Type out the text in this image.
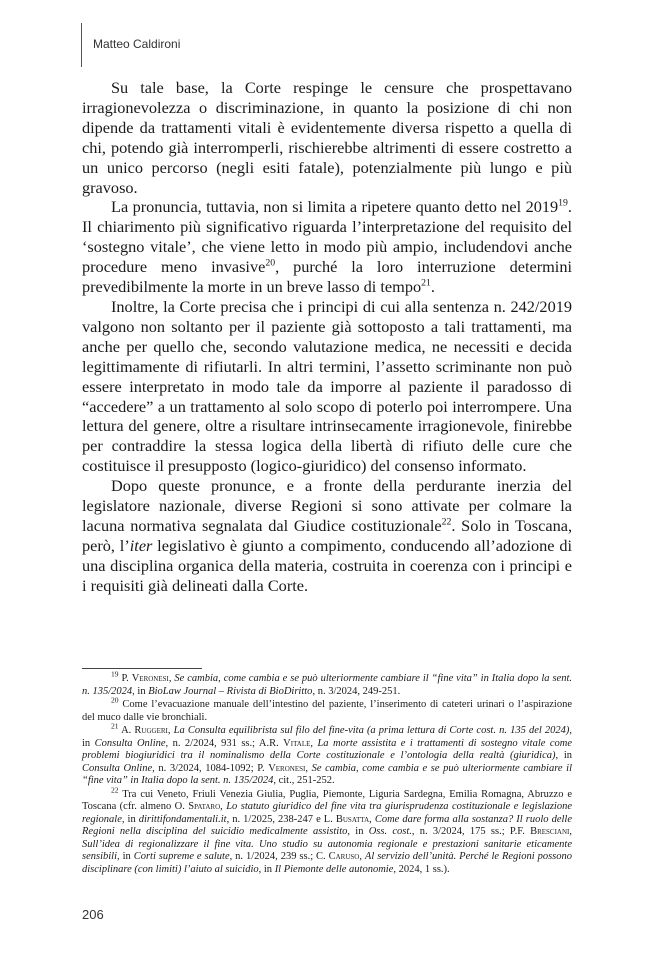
Matteo Caldironi

Su tale base, la Corte respinge le censure che prospettavano irragionevolezza o discriminazione, in quanto la posizione di chi non dipende da trattamenti vitali è evidentemente diversa rispetto a quella di chi, potendo già interromperli, rischierebbe altrimenti di essere costretto a un unico percorso (negli esiti fatale), potenzialmente più lungo e più gravoso.

La pronuncia, tuttavia, non si limita a ripetere quanto detto nel 2019$^{19}$. Il chiarimento più significativo riguarda l’interpretazione del requisito del ‘sostegno vitale’, che viene letto in modo più ampio, includendovi anche procedure meno invasive$^{20}$, purché la loro interruzione determini prevedibilmente la morte in un breve lasso di tempo$^{21}$.

Inoltre, la Corte precisa che i principi di cui alla sentenza n. 242/2019 valgono non soltanto per il paziente già sottoposto a tali trattamenti, ma anche per quello che, secondo valutazione medica, ne necessiti e decida legittimamente di rifiutarli. In altri termini, l’assetto scriminante non può essere interpretato in modo tale da imporre al paziente il paradosso di “accedere” a un trattamento al solo scopo di poterlo poi interrompere. Una lettura del genere, oltre a risultare intrinsecamente irragionevole, finirebbe per contraddire la stessa logica della libertà di rifiuto delle cure che costituisce il presupposto (logico-giuridico) del consenso informato.

Dopo queste pronunce, e a fronte della perdurante inerzia del legislatore nazionale, diverse Regioni si sono attivate per colmare la lacuna normativa segnalata dal Giudice costituzionale$^{22}$. Solo in Toscana, però, l’iter legislativo è giunto a compimento, conducendo all’adozione di una disciplina organica della materia, costruita in coerenza con i principi e i requisiti già delineati dalla Corte.

$^{19}$ P. Veronesi, Se cambia, come cambia e se può ulteriormente cambiare il “fine vita” in Italia dopo la sent. n. 135/2024, in BioLaw Journal – Rivista di BioDiritto, n. 3/2024, 249-251.

$^{20}$ Come l’evacuazione manuale dell’intestino del paziente, l’inserimento di cateteri urinari o l’aspirazione del muco dalle vie bronchiali.

$^{21}$ A. Ruggeri, La Consulta equilibrista sul filo del fine-vita (a prima lettura di Corte cost. n. 135 del 2024), in Consulta Online, n. 2/2024, 931 ss.; A.R. Vitale, La morte assistita e i trattamenti di sostegno vitale come problemi biogiuridici tra il nominalismo della Corte costituzionale e l’ontologia della realtà (giuridica), in Consulta Online, n. 3/2024, 1084-1092; P. Veronesi, Se cambia, come cambia e se può ulteriormente cambiare il “fine vita” in Italia dopo la sent. n. 135/2024, cit., 251-252.

$^{22}$ Tra cui Veneto, Friuli Venezia Giulia, Puglia, Piemonte, Liguria Sardegna, Emilia Romagna, Abruzzo e Toscana (cfr. almeno O. Spataro, Lo statuto giuridico del fine vita tra giurisprudenza costituzionale e legislazione regionale, in dirittifondamentali.it, n. 1/2025, 238-247 e L. Busatta, Come dare forma alla sostanza? Il ruolo delle Regioni nella disciplina del suicidio medicalmente assistito, in Oss. cost., n. 3/2024, 175 ss.; P.F. Bresciani, Sull’idea di regionalizzare il fine vita. Uno studio su autonomia regionale e prestazioni sanitarie eticamente sensibili, in Corti supreme e salute, n. 1/2024, 239 ss.; C. Caruso, Al servizio dell’unità. Perché le Regioni possono disciplinare (con limiti) l’aiuto al suicidio, in Il Piemonte delle autonomie, 2024, 1 ss.).

206
